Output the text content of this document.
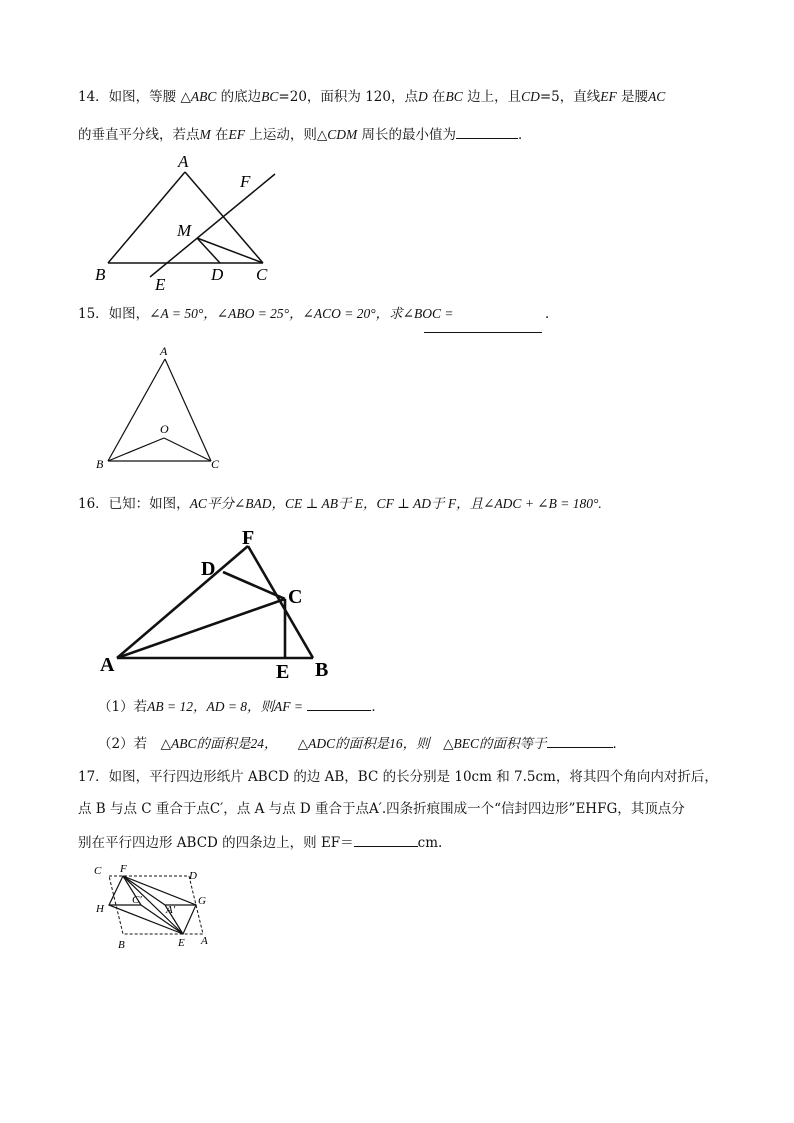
14．如图，等腰 △ABC 的底边BC=20，面积为 120，点D 在BC 边上，且CD=5，直线EF 是腰AC
的垂直平分线，若点M 在EF 上运动，则△CDM 周长的最小值为	．
A
F
M
B
E
D C
15．如图，∠A = 50°，∠ABO = 25°，∠ACO = 20°，求∠BOC =	．
A
O
B	C
16．已知：如图，AC平分∠BAD，CE ⊥ AB于 E，CF ⊥ AD于 F，且∠ADC + ∠B = 180°.
F
D
C
A	E B
（1）若AB = 12，AD = 8，则AF =	．
（2）若　△ABC的面积是24，　　△ADC的面积是16，则　△BEC的面积等于	．
17．如图，平行四边形纸片 ABCD 的边 AB，BC 的长分别是 10cm 和 7.5cm，将其四个角向内对折后，
点 B 与点 C 重合于点C′，点 A 与点 D 重合于点A′.四条折痕围成一个“信封四边形”EHFG，其顶点分
别在平行四边形 ABCD 的四条边上，则 EF＝	cm.
C F
D
H
C′
A′
G
B	E A
